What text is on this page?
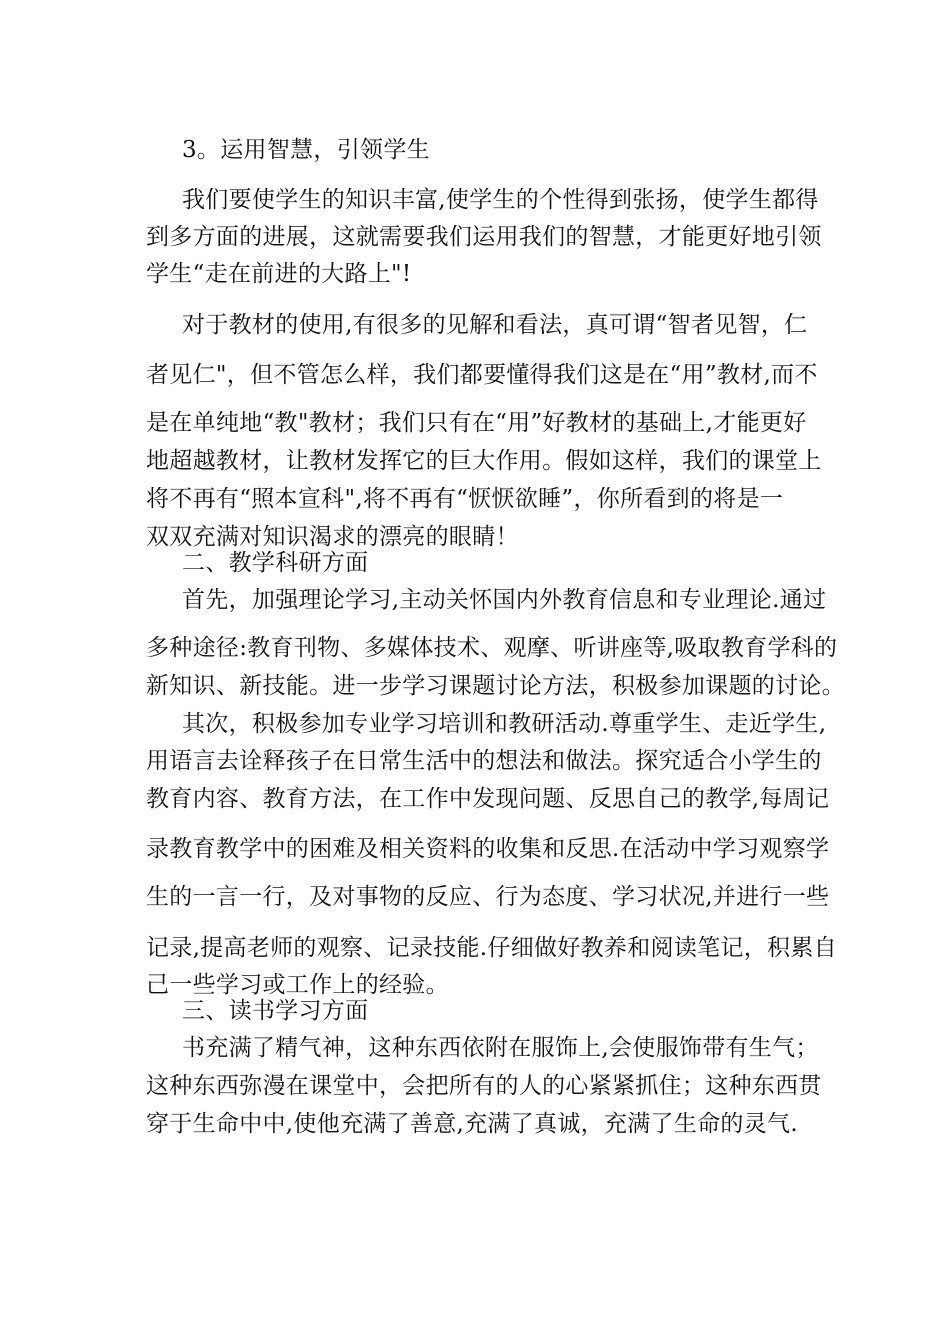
3。运用智慧，引领学生
我们要使学生的知识丰富,使学生的个性得到张扬，使学生都得
到多方面的进展，这就需要我们运用我们的智慧，才能更好地引领
学生“走在前进的大路上"!
对于教材的使用,有很多的见解和看法，真可谓“智者见智，仁
者见仁"，但不管怎么样，我们都要懂得我们这是在“用”教材,而不
是在单纯地“教"教材；我们只有在“用”好教材的基础上,才能更好
地超越教材，让教材发挥它的巨大作用。假如这样，我们的课堂上
将不再有“照本宣科",将不再有“恹恹欲睡”，你所看到的将是一
双双充满对知识渴求的漂亮的眼睛！
二、教学科研方面
首先，加强理论学习,主动关怀国内外教育信息和专业理论.通过
多种途径:教育刊物、多媒体技术、观摩、听讲座等,吸取教育学科的
新知识、新技能。进一步学习课题讨论方法，积极参加课题的讨论。
其次，积极参加专业学习培训和教研活动.尊重学生、走近学生,
用语言去诠释孩子在日常生活中的想法和做法。探究适合小学生的
教育内容、教育方法，在工作中发现问题、反思自己的教学,每周记
录教育教学中的困难及相关资料的收集和反思.在活动中学习观察学
生的一言一行，及对事物的反应、行为态度、学习状况,并进行一些
记录,提高老师的观察、记录技能.仔细做好教养和阅读笔记，积累自
己一些学习或工作上的经验。
三、读书学习方面
书充满了精气神，这种东西依附在服饰上,会使服饰带有生气；
这种东西弥漫在课堂中，会把所有的人的心紧紧抓住；这种东西贯
穿于生命中中,使他充满了善意,充满了真诚，充满了生命的灵气.
